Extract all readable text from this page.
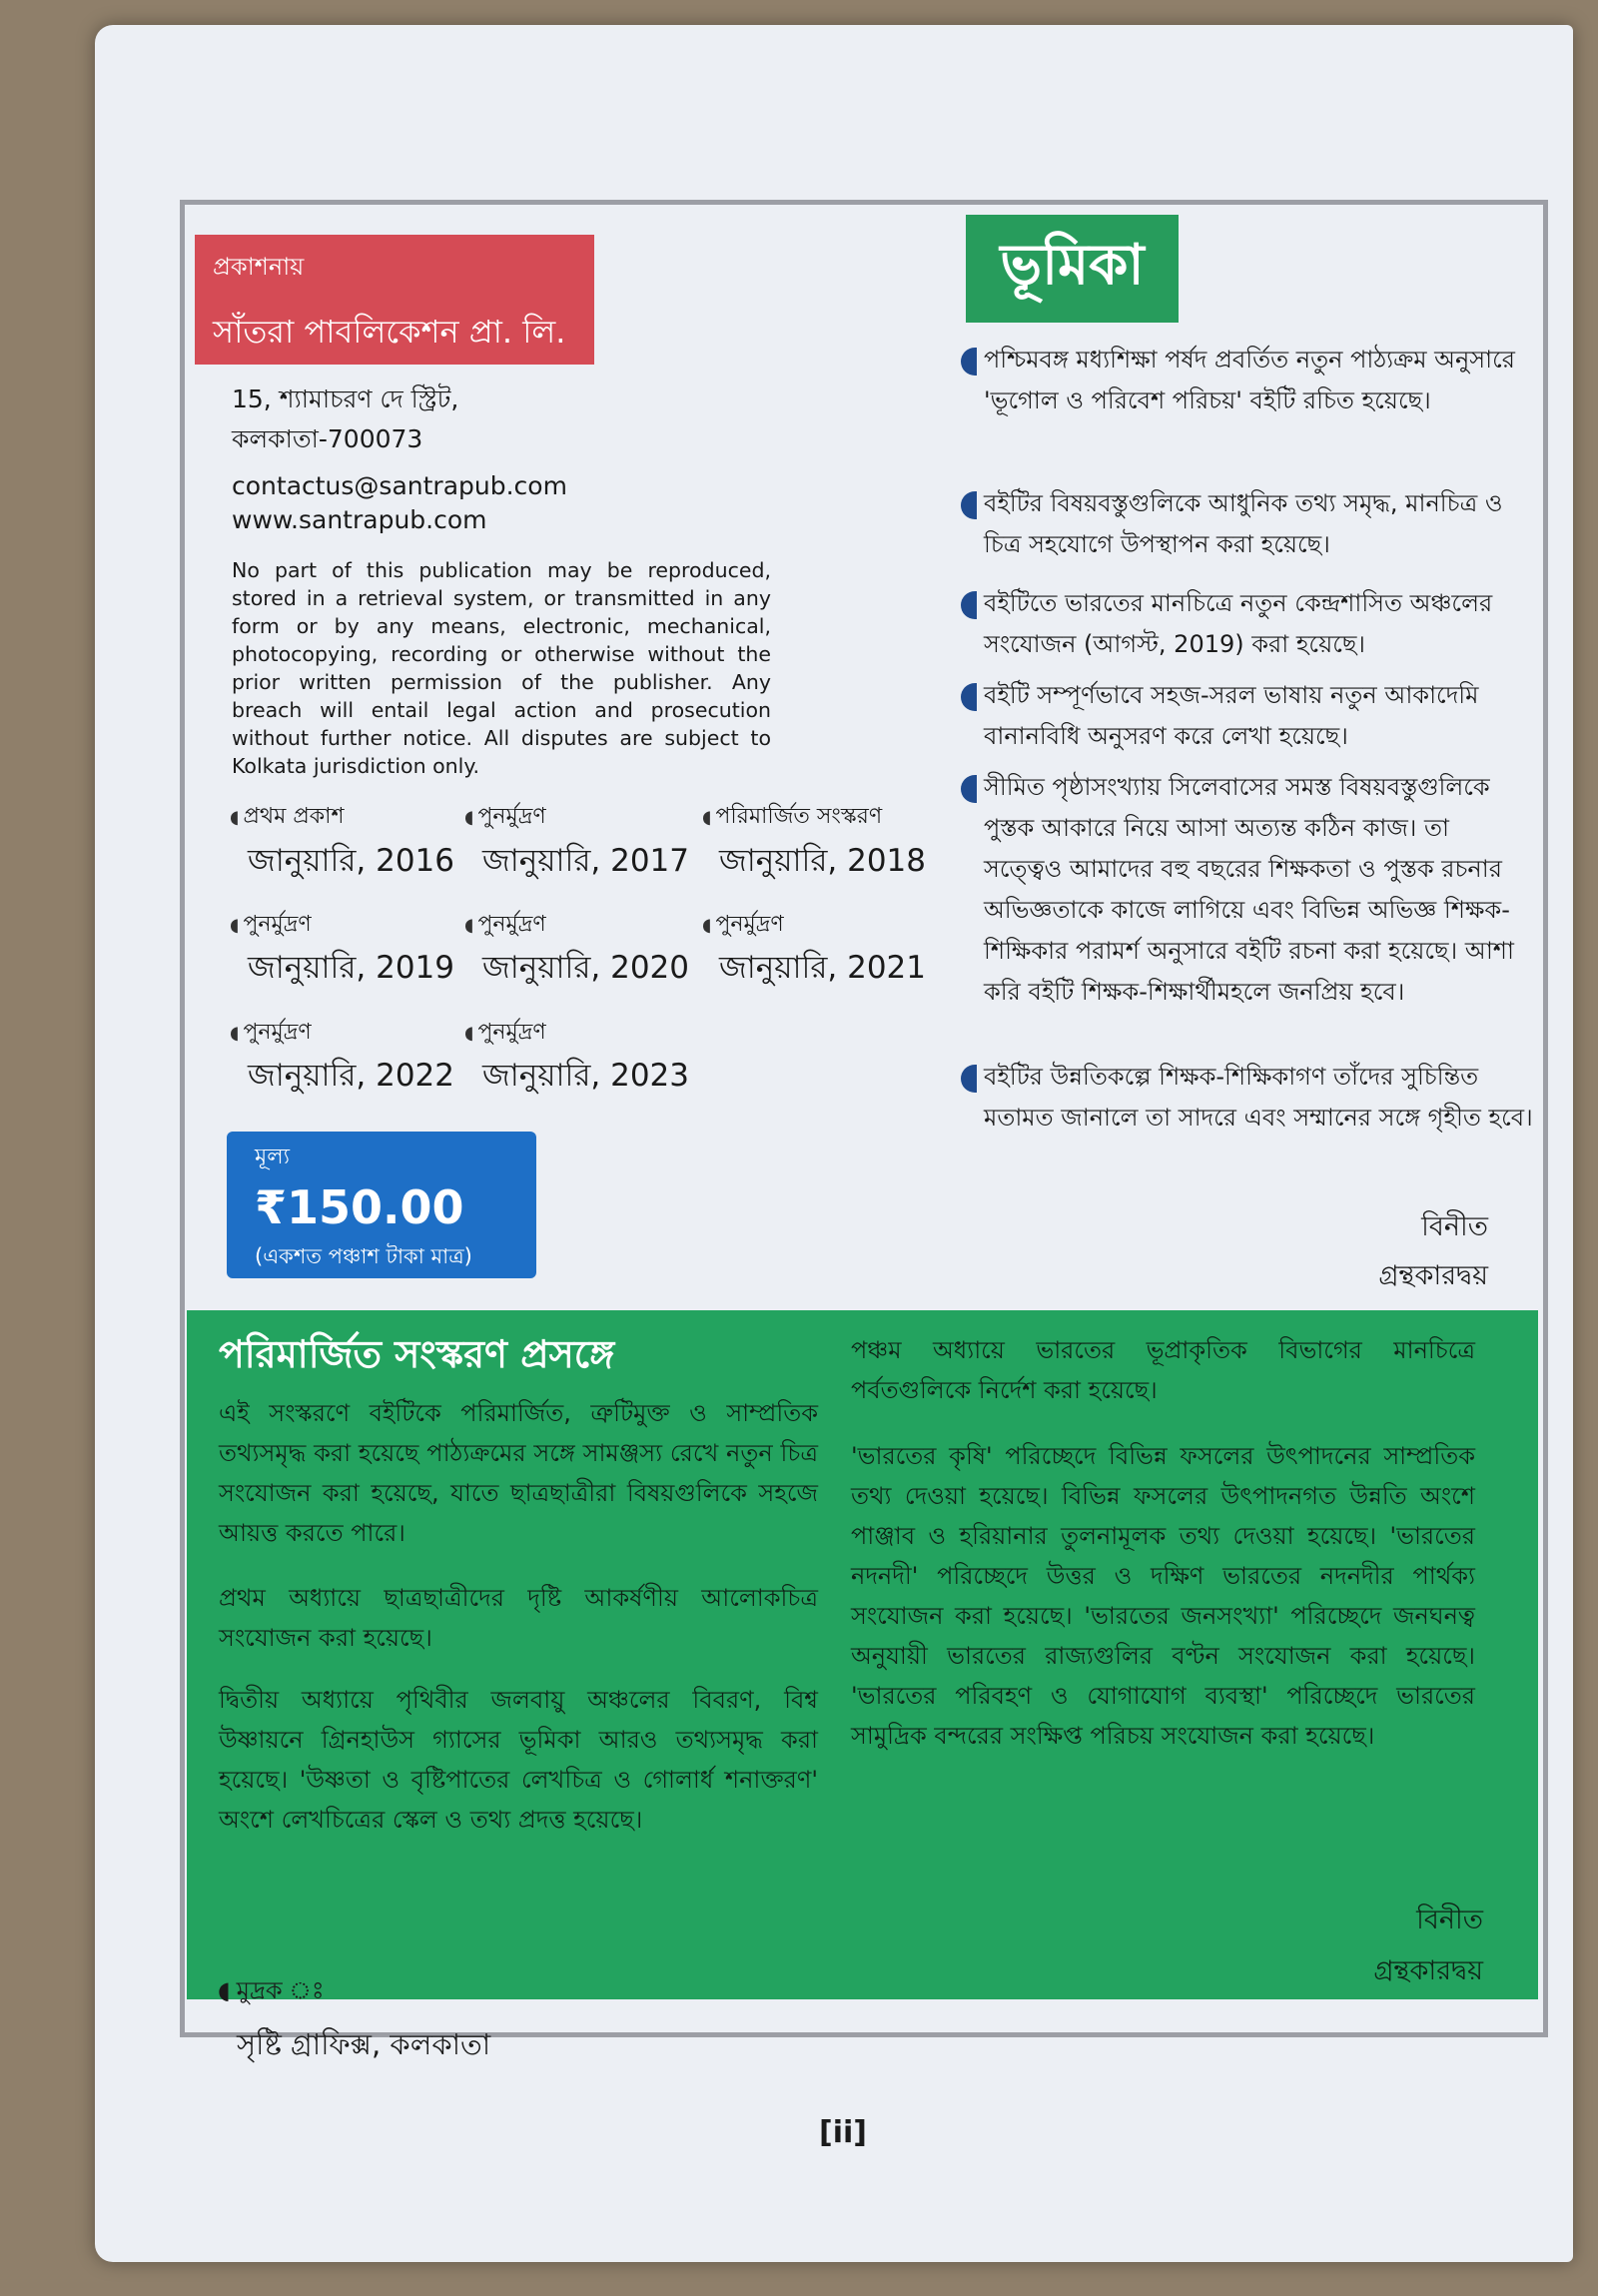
প্রকাশনায়
সাঁতরা পাবলিকেশন প্রা. লি.
15, শ্যামাচরণ দে স্ট্রিট,
কলকাতা-700073
contactus@santrapub.com
www.santrapub.com
No part of this publication may be reproduced, stored in a retrieval system, or transmitted in any form or by any means, electronic, mechanical, photocopying, recording or otherwise without the prior written permission of the publisher. Any breach will entail legal action and prosecution without further notice. All disputes are subject to Kolkata jurisdiction only.
◖ প্রথম প্রকাশ
জানুয়ারি, 2016
◖ পুনর্মুদ্রণ
জানুয়ারি, 2017
◖ পরিমার্জিত সংস্করণ
জানুয়ারি, 2018
◖ পুনর্মুদ্রণ
জানুয়ারি, 2019
◖ পুনর্মুদ্রণ
জানুয়ারি, 2020
◖ পুনর্মুদ্রণ
জানুয়ারি, 2021
◖ পুনর্মুদ্রণ
জানুয়ারি, 2022
◖ পুনর্মুদ্রণ
জানুয়ারি, 2023
মূল্য
₹150.00
(একশত পঞ্চাশ টাকা মাত্র)
ভূমিকা
পশ্চিমবঙ্গ মধ্যশিক্ষা পর্ষদ প্রবর্তিত নতুন পাঠ্যক্রম অনুসারে 'ভূগোল ও পরিবেশ পরিচয়' বইটি রচিত হয়েছে।
বইটির বিষয়বস্তুগুলিকে আধুনিক তথ্য সমৃদ্ধ, মানচিত্র ও চিত্র সহযোগে উপস্থাপন করা হয়েছে।
বইটিতে ভারতের মানচিত্রে নতুন কেন্দ্রশাসিত অঞ্চলের সংযোজন (আগস্ট, 2019) করা হয়েছে।
বইটি সম্পূর্ণভাবে সহজ-সরল ভাষায় নতুন আকাদেমি বানানবিধি অনুসরণ করে লেখা হয়েছে।
সীমিত পৃষ্ঠাসংখ্যায় সিলেবাসের সমস্ত বিষয়বস্তুগুলিকে পুস্তক আকারে নিয়ে আসা অত্যন্ত কঠিন কাজ। তা সত্ত্বেও আমাদের বহু বছরের শিক্ষকতা ও পুস্তক রচনার অভিজ্ঞতাকে কাজে লাগিয়ে এবং বিভিন্ন অভিজ্ঞ শিক্ষক-শিক্ষিকার পরামর্শ অনুসারে বইটি রচনা করা হয়েছে। আশা করি বইটি শিক্ষক-শিক্ষার্থীমহলে জনপ্রিয় হবে।
বইটির উন্নতিকল্পে শিক্ষক-শিক্ষিকাগণ তাঁদের সুচিন্তিত মতামত জানালে তা সাদরে এবং সম্মানের সঙ্গে গৃহীত হবে।
বিনীত
গ্রন্থকারদ্বয়
পরিমার্জিত সংস্করণ প্রসঙ্গে
এই সংস্করণে বইটিকে পরিমার্জিত, ত্রুটিমুক্ত ও সাম্প্রতিক তথ্যসমৃদ্ধ করা হয়েছে পাঠ্যক্রমের সঙ্গে সামঞ্জস্য রেখে নতুন চিত্র সংযোজন করা হয়েছে, যাতে ছাত্রছাত্রীরা বিষয়গুলিকে সহজে আয়ত্ত করতে পারে।
প্রথম অধ্যায়ে ছাত্রছাত্রীদের দৃষ্টি আকর্ষণীয় আলোকচিত্র সংযোজন করা হয়েছে।
দ্বিতীয় অধ্যায়ে পৃথিবীর জলবায়ু অঞ্চলের বিবরণ, বিশ্ব উষ্ণায়নে গ্রিনহাউস গ্যাসের ভূমিকা আরও তথ্যসমৃদ্ধ করা হয়েছে। 'উষ্ণতা ও বৃষ্টিপাতের লেখচিত্র ও গোলার্ধ শনাক্তরণ' অংশে লেখচিত্রের স্কেল ও তথ্য প্রদত্ত হয়েছে।
পঞ্চম অধ্যায়ে ভারতের ভূপ্রাকৃতিক বিভাগের মানচিত্রে পর্বতগুলিকে নির্দেশ করা হয়েছে।
'ভারতের কৃষি' পরিচ্ছেদে বিভিন্ন ফসলের উৎপাদনের সাম্প্রতিক তথ্য দেওয়া হয়েছে। বিভিন্ন ফসলের উৎপাদনগত উন্নতি অংশে পাঞ্জাব ও হরিয়ানার তুলনামূলক তথ্য দেওয়া হয়েছে। 'ভারতের নদনদী' পরিচ্ছেদে উত্তর ও দক্ষিণ ভারতের নদনদীর পার্থক্য সংযোজন করা হয়েছে। 'ভারতের জনসংখ্যা' পরিচ্ছেদে জনঘনত্ব অনুযায়ী ভারতের রাজ্যগুলির বণ্টন সংযোজন করা হয়েছে। 'ভারতের পরিবহণ ও যোগাযোগ ব্যবস্থা' পরিচ্ছেদে ভারতের সামুদ্রিক বন্দরের সংক্ষিপ্ত পরিচয় সংযোজন করা হয়েছে।
বিনীত
গ্রন্থকারদ্বয়
◖ মুদ্রক ঃ
সৃষ্টি গ্রাফিক্স, কলকাতা
[ii]
